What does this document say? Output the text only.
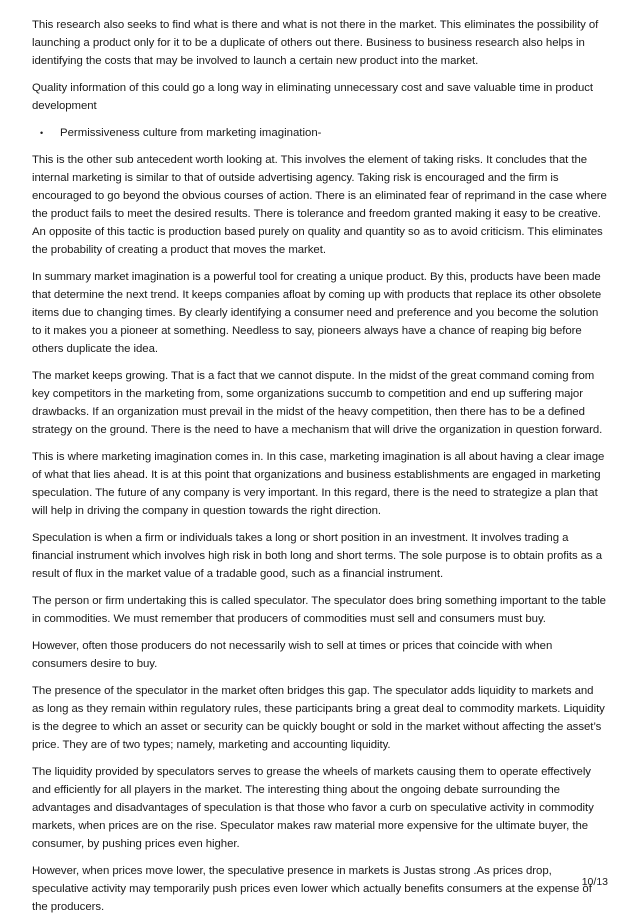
This research also seeks to find what is there and what is not there in the market. This eliminates the possibility of launching a product only for it to be a duplicate of others out there. Business to business research also helps in identifying the costs that may be involved to launch a certain new product into the market.

Quality information of this could go a long way in eliminating unnecessary cost and save valuable time in product development

•	Permissiveness culture from marketing imagination-

This is the other sub antecedent worth looking at. This involves the element of taking risks. It concludes that the internal marketing is similar to that of outside advertising agency. Taking risk is encouraged and the firm is encouraged to go beyond the obvious courses of action. There is an eliminated fear of reprimand in the case where the product fails to meet the desired results. There is tolerance and freedom granted making it easy to be creative. An opposite of this tactic is production based purely on quality and quantity so as to avoid criticism. This eliminates the probability of creating a product that moves the market.

In summary market imagination is a powerful tool for creating a unique product. By this, products have been made that determine the next trend. It keeps companies afloat by coming up with products that replace its other obsolete items due to changing times. By clearly identifying a consumer need and preference and you become the solution to it makes you a pioneer at something. Needless to say, pioneers always have a chance of reaping big before others duplicate the idea.

The market keeps growing. That is a fact that we cannot dispute. In the midst of the great command coming from key competitors in the marketing from, some organizations succumb to competition and end up suffering major drawbacks. If an organization must prevail in the midst of the heavy competition, then there has to be a defined strategy on the ground. There is the need to have a mechanism that will drive the organization in question forward.

This is where marketing imagination comes in. In this case, marketing imagination is all about having a clear image of what that lies ahead. It is at this point that organizations and business establishments are engaged in marketing speculation. The future of any company is very important. In this regard, there is the need to strategize a plan that will help in driving the company in question towards the right direction.

Speculation is when a firm or individuals takes a long or short position in an investment. It involves trading a financial instrument which involves high risk in both long and short terms. The sole purpose is to obtain profits as a result of flux in the market value of a tradable good, such as a financial instrument.

The person or firm undertaking this is called speculator. The speculator does bring something important to the table in commodities. We must remember that producers of commodities must sell and consumers must buy.

However, often those producers do not necessarily wish to sell at times or prices that coincide with when consumers desire to buy.

The presence of the speculator in the market often bridges this gap. The speculator adds liquidity to markets and as long as they remain within regulatory rules, these participants bring a great deal to commodity markets. Liquidity is the degree to which an asset or security can be quickly bought or sold in the market without affecting the asset’s price. They are of two types; namely, marketing and accounting liquidity.

The liquidity provided by speculators serves to grease the wheels of markets causing them to operate effectively and efficiently for all players in the market. The interesting thing about the ongoing debate surrounding the advantages and disadvantages of speculation is that those who favor a curb on speculative activity in commodity markets, when prices are on the rise. Speculator makes raw material more expensive for the ultimate buyer, the consumer, by pushing prices even higher.

However, when prices move lower, the speculative presence in markets is Justas strong .As prices drop, speculative activity may temporarily push prices even lower which actually benefits consumers at the expense of the producers.

10/13
